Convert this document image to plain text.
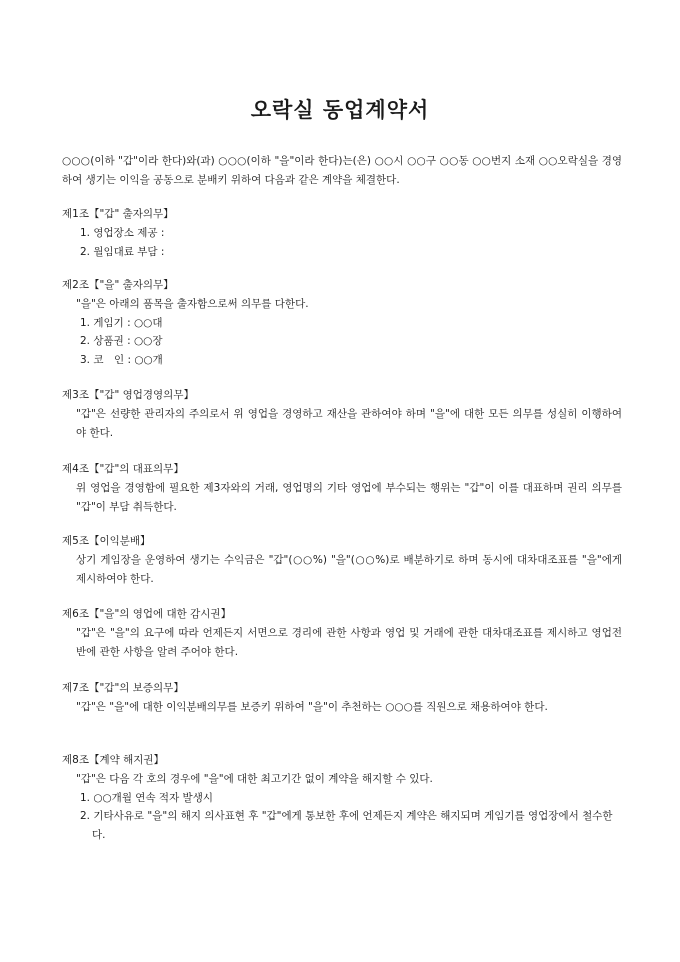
오락실 동업계약서
○○○(이하 "갑"이라 한다)와(과) ○○○(이하 "을"이라 한다)는(은) ○○시 ○○구 ○○동 ○○번지 소재 ○○오락실을 경영하여 생기는 이익을 공동으로 분배키 위하여 다음과 같은 계약을 체결한다.
제1조【"갑" 출자의무】
1. 영업장소 제공 :
2. 월임대료 부담 :
제2조【"을" 출자의무】
"을"은 아래의 품목을 출자함으로써 의무를 다한다.
1. 게임기 : ○○대
2. 상품권 : ○○장
3. 코　인 : ○○개
제3조【"갑" 영업경영의무】
"갑"은 선량한 관리자의 주의로서 위 영업을 경영하고 재산을 관하여야 하며 "을"에 대한 모든 의무를 성실히 이행하여야 한다.
제4조【"갑"의 대표의무】
위 영업을 경영함에 필요한 제3자와의 거래, 영업명의 기타 영업에 부수되는 행위는 "갑"이 이를 대표하며 권리 의무를 "갑"이 부담 취득한다.
제5조【이익분배】
상기 게임장을 운영하여 생기는 수익금은 "갑"(○○%) "을"(○○%)로 배분하기로 하며 동시에 대차대조표를 "을"에게 제시하여야 한다.
제6조【"을"의 영업에 대한 감시권】
"갑"은 "을"의 요구에 따라 언제든지 서면으로 경리에 관한 사항과 영업 및 거래에 관한 대차대조표를 제시하고 영업전반에 관한 사항을 알려 주어야 한다.
제7조【"갑"의 보증의무】
"갑"은 "을"에 대한 이익분배의무를 보증키 위하여 "을"이 추천하는 ○○○를 직원으로 채용하여야 한다.
제8조【계약 해지권】
"갑"은 다음 각 호의 경우에 "을"에 대한 최고기간 없이 계약을 해지할 수 있다.
1. ○○개월 연속 적자 발생시
2. 기타사유로 "을"의 해지 의사표현 후 "갑"에게 통보한 후에 언제든지 계약은 해지되며 게임기를 영업장에서 철수한다.
